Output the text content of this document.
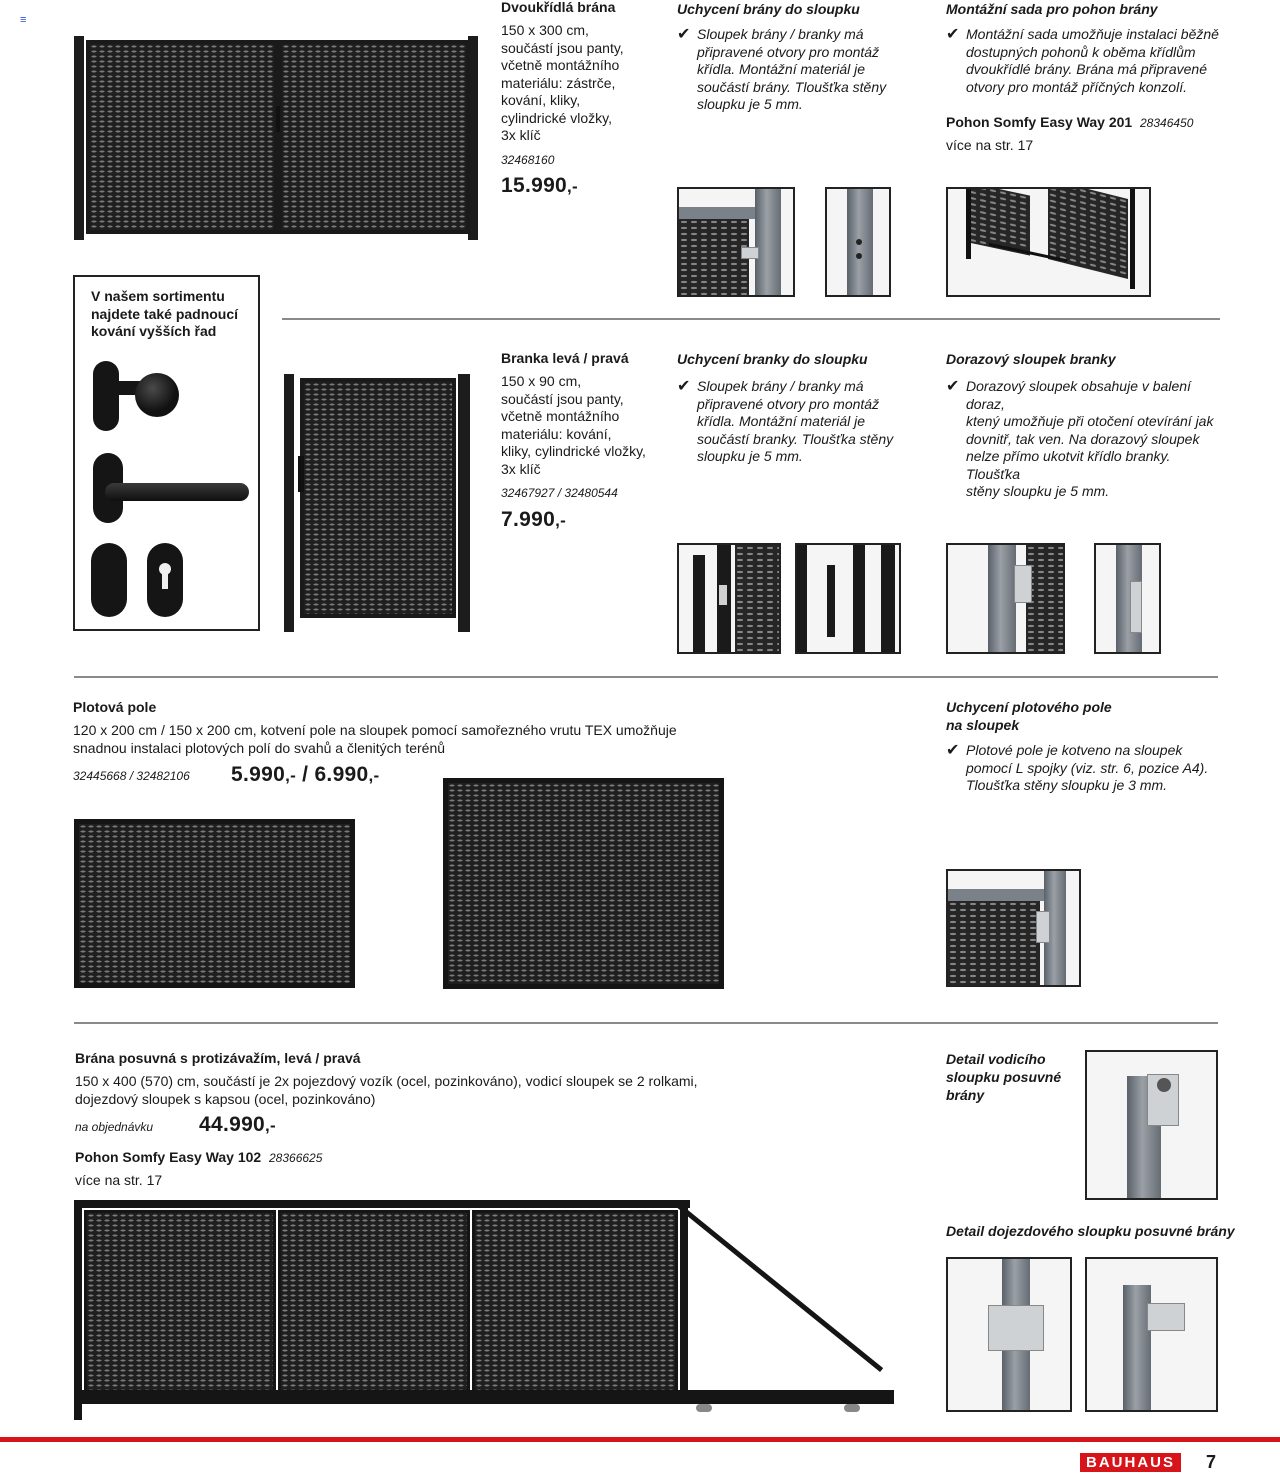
≡
Dvoukřídlá brána
150 x 300 cm,
součástí jsou panty,
včetně montážního
materiálu: zástrče,
kování, kliky,
cylindrické vložky,
3x klíč
32468160
15.990,-
Uchycení brány do sloupku
✔ Sloupek brány / branky má
připravené otvory pro montáž
křídla. Montážní materiál je
součástí brány. Tloušťka stěny
sloupku je 5 mm.
Montážní sada pro pohon brány
✔ Montážní sada umožňuje instalaci běžně
dostupných pohonů k oběma křídlům
dvoukřídlé brány. Brána má připravené
otvory pro montáž příčných konzolí.
Pohon Somfy Easy Way 201 28346450
více na str. 17
V našem sortimentu
najdete také padnoucí
kování vyšších řad
Branka levá / pravá
150 x 90 cm,
součástí jsou panty,
včetně montážního
materiálu: kování,
kliky, cylindrické vložky,
3x klíč
32467927 / 32480544
7.990,-
Uchycení branky do sloupku
✔ Sloupek brány / branky má
připravené otvory pro montáž
křídla. Montážní materiál je
součástí branky. Tloušťka stěny
sloupku je 5 mm.
Dorazový sloupek branky
✔ Dorazový sloupek obsahuje v balení doraz,
ktený umožňuje při otočení otevírání jak
dovnitř, tak ven. Na dorazový sloupek
nelze přímo ukotvit křídlo branky. Tloušťka
stěny sloupku je 5 mm.
Plotová pole
120 x 200 cm / 150 x 200 cm, kotvení pole na sloupek pomocí samořezného vrutu TEX umožňuje
snadnou instalaci plotových polí do svahů a členitých terénů
32445668 / 32482106 5.990,- / 6.990,-
Uchycení plotového pole
na sloupek
✔ Plotové pole je kotveno na sloupek
pomocí L spojky (viz. str. 6, pozice A4).
Tloušťka stěny sloupku je 3 mm.
Brána posuvná s protizávažím, levá / pravá
150 x 400 (570) cm, součástí je 2x pojezdový vozík (ocel, pozinkováno), vodicí sloupek se 2 rolkami,
dojezdový sloupek s kapsou (ocel, pozinkováno)
na objednávku 44.990,-
Pohon Somfy Easy Way 102 28366625
více na str. 17
Detail vodicího
sloupku posuvné
brány
Detail dojezdového sloupku posuvné brány
BAUHAUS	7
